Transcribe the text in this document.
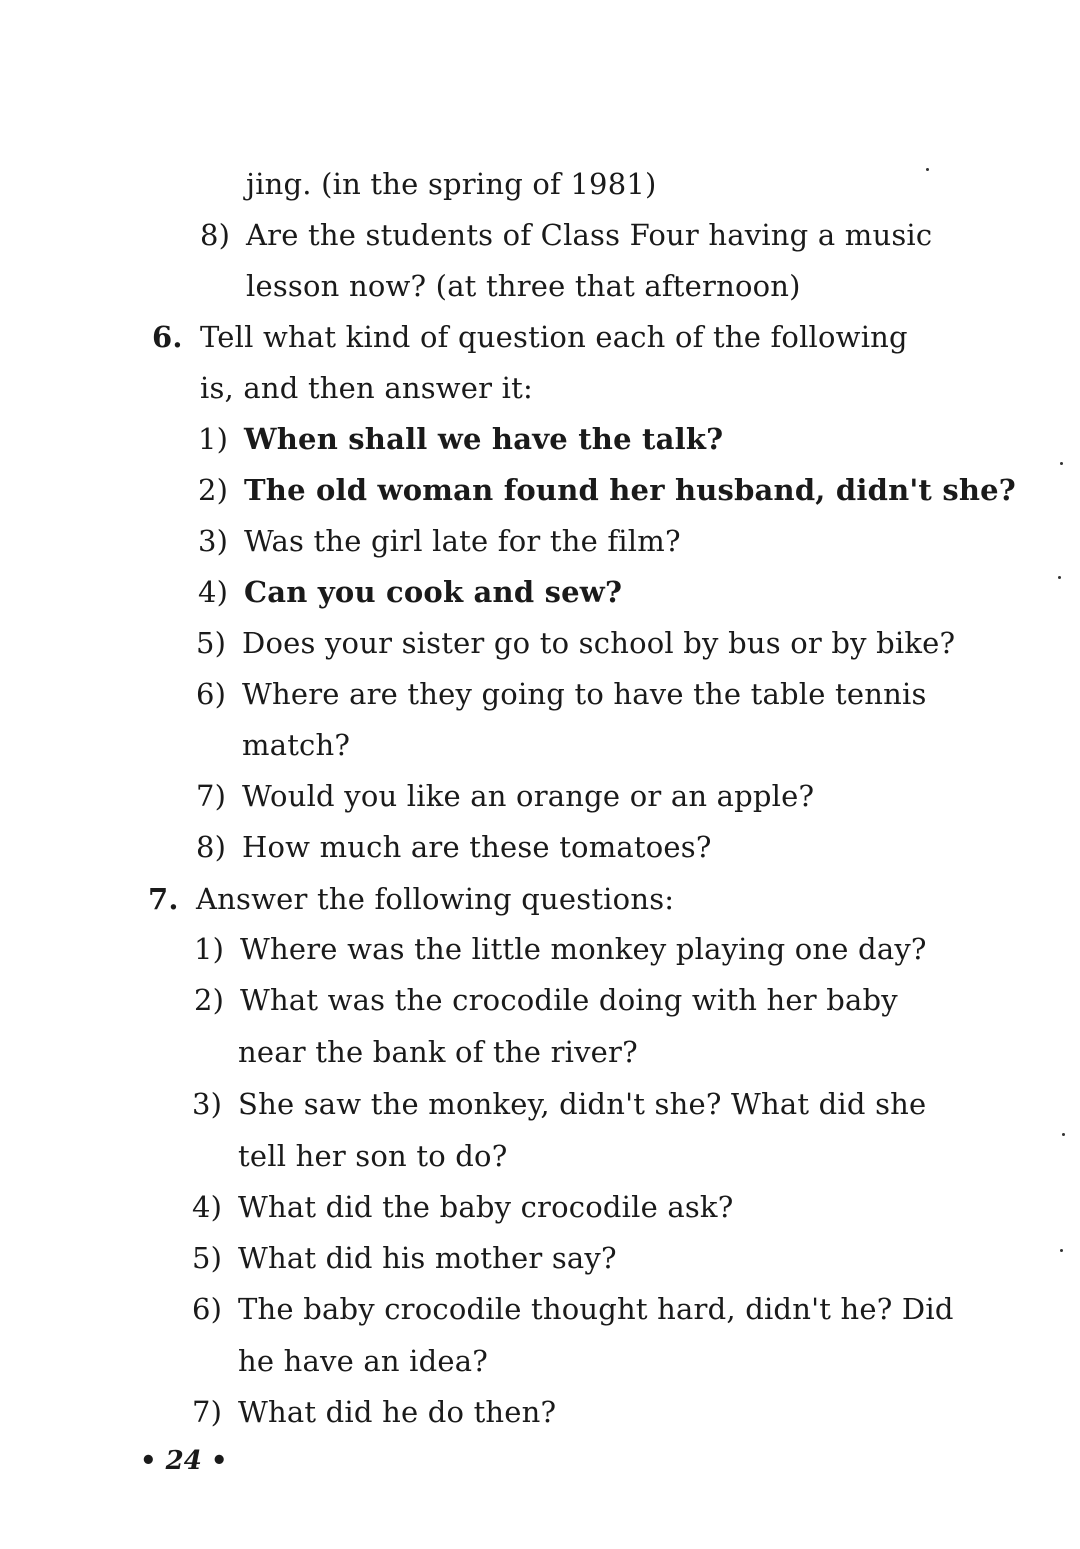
jing. (in the spring of 1981)
8) Are the students of Class Four having a music
lesson now? (at three that afternoon)
6. Tell what kind of question each of the following
is, and then answer it:
1) When shall we have the talk?
2) The old woman found her husband, didn't she?
3) Was the girl late for the film?
4) Can you cook and sew?
5) Does your sister go to school by bus or by bike?
6) Where are they going to have the table tennis
match?
7) Would you like an orange or an apple?
8) How much are these tomatoes?
7. Answer the following questions:
1) Where was the little monkey playing one day?
2) What was the crocodile doing with her baby
near the bank of the river?
3) She saw the monkey, didn't she? What did she
tell her son to do?
4) What did the baby crocodile ask?
5) What did his mother say?
6) The baby crocodile thought hard, didn't he? Did
he have an idea?
7) What did he do then?
• 24 •
